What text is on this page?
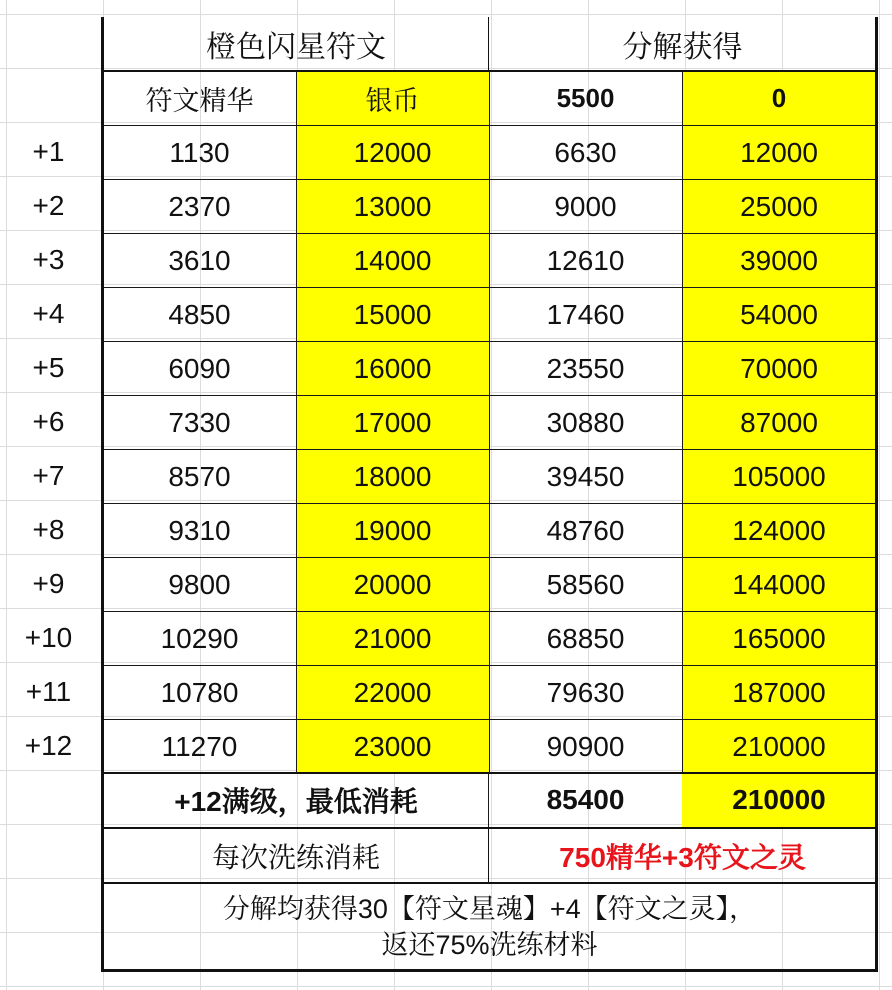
橙色闪星符文	分解获得
符文精华	银币	5500	0
+1	1130	12000	6630	12000
+2	2370	13000	9000	25000
+3	3610	14000	12610	39000
+4	4850	15000	17460	54000
+5	6090	16000	23550	70000
+6	7330	17000	30880	87000
+7	8570	18000	39450	105000
+8	9310	19000	48760	124000
+9	9800	20000	58560	144000
+10	10290	21000	68850	165000
+11	10780	22000	79630	187000
+12	11270	23000	90900	210000
+12满级，最低消耗	85400	210000
每次洗练消耗	750精华+3符文之灵
分解均获得30【符文星魂】+4【符文之灵】，
返还75%洗练材料
